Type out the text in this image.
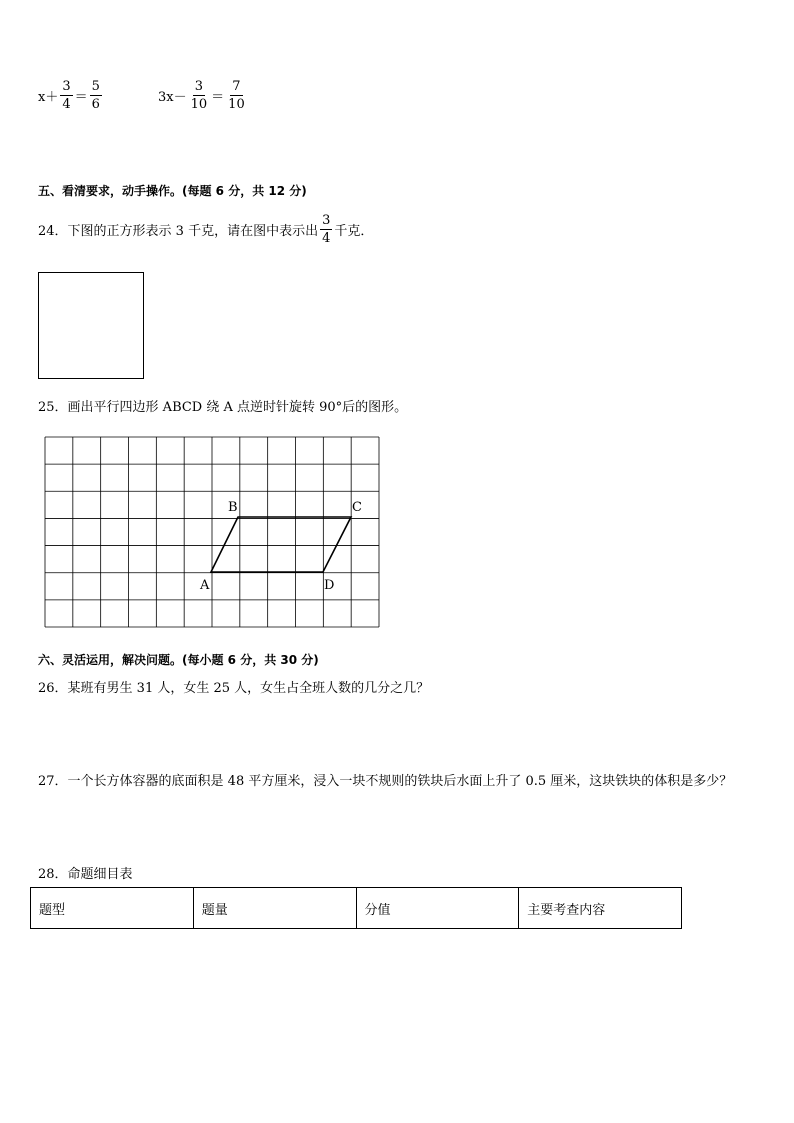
$x+ \frac{3}{4} = \frac{5}{6}$	$3x- \frac{3}{10} = \frac{7}{10}$
五、看清要求，动手操作。(每题 6 分，共 12 分)
24．下图的正方形表示 3 千克，请在图中表示出 $\frac{3}{4}$ 千克．
25．画出平行四边形 ABCD 绕 A 点逆时针旋转 90°后的图形。
B	C
A	D
六、灵活运用，解决问题。(每小题 6 分，共 30 分)
26．某班有男生 31 人，女生 25 人，女生占全班人数的几分之几？
27．一个长方体容器的底面积是 48 平方厘米，浸入一块不规则的铁块后水面上升了 0.5 厘米，这块铁块的体积是多少？
28．命题细目表
题型	题量	分值	主要考查内容
